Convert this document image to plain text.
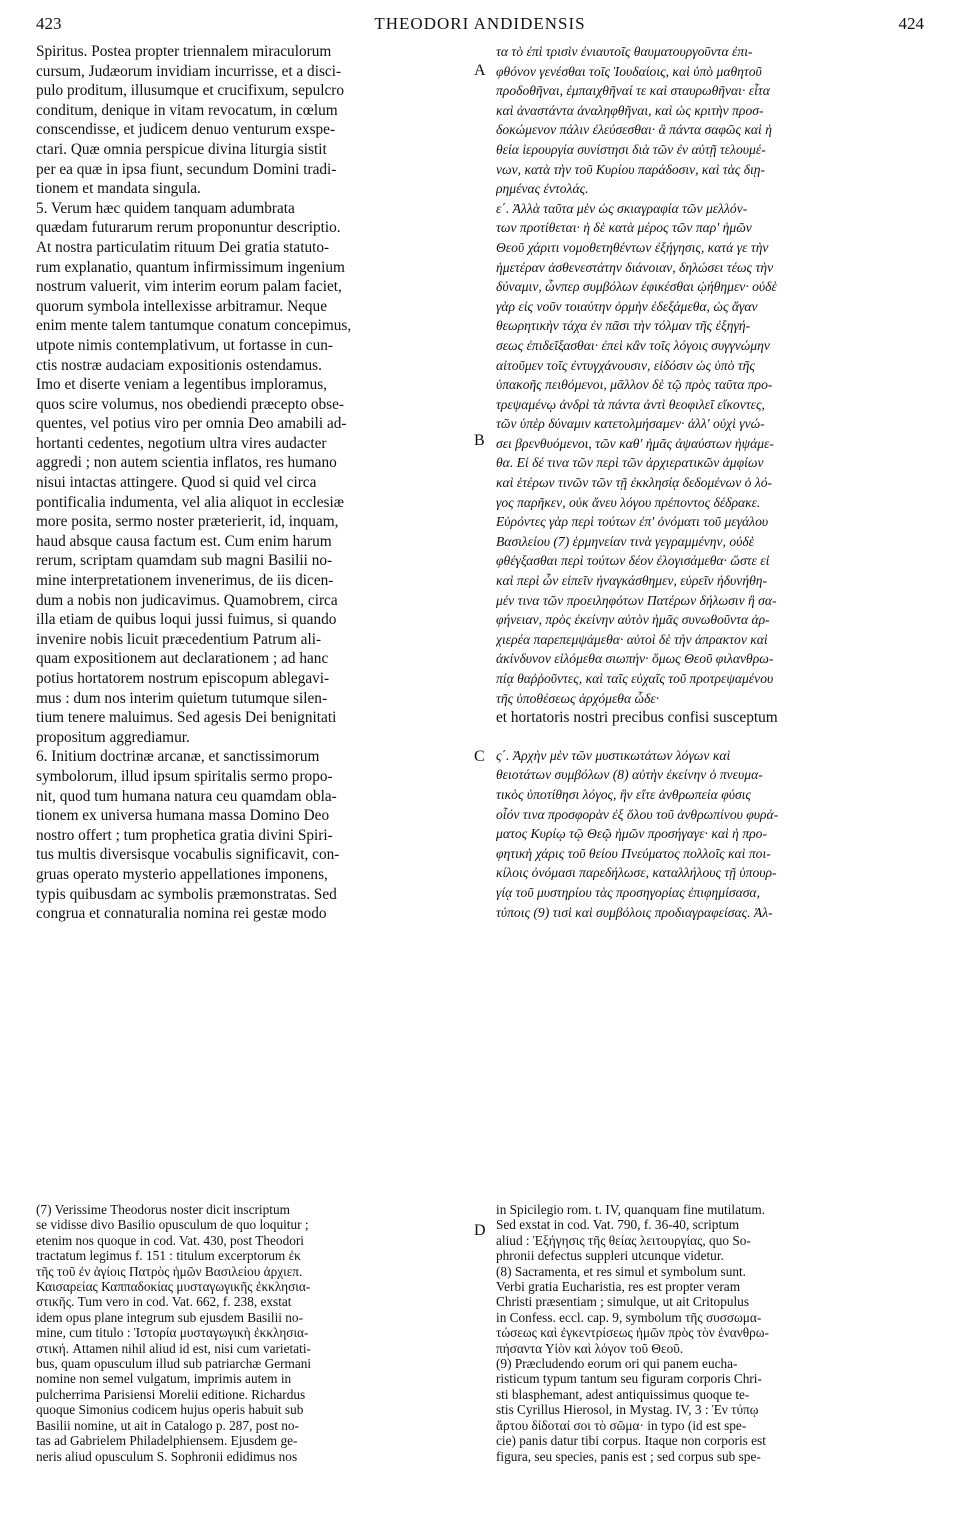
423	THEODORI ANDIDENSIS	424
Spiritus. Postea propter triennalem miraculorum
cursum, Judæorum invidiam incurrisse, et a disci-
pulo proditum, illusumque et crucifixum, sepulcro
conditum, denique in vitam revocatum, in cœlum
conscendisse, et judicem denuo venturum exspe-
ctari. Quæ omnia perspicue divina liturgia sistit
per ea quæ in ipsa fiunt, secundum Domini tradi-
tionem et mandata singula.
5. Verum hæc quidem tanquam adumbrata
quædam futurarum rerum proponuntur descriptio.
At nostra particulatim rituum Dei gratia statuto-
rum explanatio, quantum infirmissimum ingenium
nostrum valuerit, vim interim eorum palam faciet,
quorum symbola intellexisse arbitramur. Neque
enim mente talem tantumque conatum concepimus,
utpote nimis contemplativum, ut fortasse in cun-
ctis nostræ audaciam expositionis ostendamus.
Imo et diserte veniam a legentibus imploramus,
quos scire volumus, nos obediendi præcepto obse-
quentes, vel potius viro per omnia Deo amabili ad-
hortanti cedentes, negotium ultra vires audacter
aggredi ; non autem scientia inflatos, res humano
nisui intactas attingere. Quod si quid vel circa
pontificalia indumenta, vel alia aliquot in ecclesiæ
more posita, sermo noster præterierit, id, inquam,
haud absque causa factum est. Cum enim harum
rerum, scriptam quamdam sub magni Basilii no-
mine interpretationem invenerimus, de iis dicen-
dum a nobis non judicavimus. Quamobrem, circa
illa etiam de quibus loqui jussi fuimus, si quando
invenire nobis licuit præcedentium Patrum ali-
quam expositionem aut declarationem ; ad hanc
potius hortatorem nostrum episcopum ablegavi-
mus : dum nos interim quietum tutumque silen-
tium tenere maluimus. Sed agesis Dei benignitati
propositum aggrediamur.
6. Initium doctrinæ arcanæ, et sanctissimorum
symbolorum, illud ipsum spiritalis sermo propo-
nit, quod tum humana natura ceu quamdam obla-
tionem ex universa humana massa Domino Deo
nostro offert ; tum prophetica gratia divini Spiri-
tus multis diversisque vocabulis significavit, con-
gruas operato mysterio appellationes imponens,
typis quibusdam ac symbolis præmonstratas. Sed
congrua et connaturalia nomina rei gestæ modo
τα τὸ ἐπὶ τρισὶν ἐνιαυτοῖς θαυματουργοῦντα ἐπι-
φθόνον γενέσθαι τοῖς Ἰουδαίοις, καὶ ὑπὸ μαθητοῦ
προδοθῆναι, ἐμπαιχθῆναί τε καὶ σταυρωθῆναι· εἶτα
καὶ ἀναστάντα ἀναληφθῆναι, καὶ ὡς κριτὴν προσ-
δοκώμενον πάλιν ἐλεύσεσθαι· ἃ πάντα σαφῶς καὶ ἡ
θεία ἱερουργία συνίστησι διὰ τῶν ἐν αὐτῇ τελουμέ-
νων, κατὰ τὴν τοῦ Κυρίου παράδοσιν, καὶ τὰς διῃ-
ρημένας ἐντολάς.
ε΄. Ἀλλὰ ταῦτα μὲν ὡς σκιαγραφία τῶν μελλόν-
των προτίθεται· ἡ δὲ κατὰ μέρος τῶν παρ' ἡμῶν
Θεοῦ χάριτι νομοθετηθέντων ἐξήγησις, κατά γε τὴν
ἡμετέραν ἀσθενεστάτην διάνοιαν, δηλώσει τέως τὴν
δύναμιν, ὧνπερ συμβόλων ἐφικέσθαι ᾠήθημεν· οὐδὲ
γὰρ εἰς νοῦν τοιαύτην ὁρμὴν ἐδεξάμεθα, ὡς ἄγαν
θεωρητικὴν τάχα ἐν πᾶσι τὴν τόλμαν τῆς ἐξηγή-
σεως ἐπιδεῖξασθαι· ἐπεὶ κἂν τοῖς λόγοις συγγνώμην
αἰτοῦμεν τοῖς ἐντυγχάνουσιν, εἰδόσιν ὡς ὑπὸ τῆς
ὑπακοῆς πειθόμενοι, μᾶλλον δὲ τῷ πρὸς ταῦτα προ-
τρεψαμένῳ ἀνδρὶ τὰ πάντα ἀντὶ θεοφιλεῖ εἴκοντες,
τῶν ὑπὲρ δύναμιν κατετολμήσαμεν· ἀλλ' οὐχὶ γνώ-
σει βρενθυόμενοι, τῶν καθ' ἡμᾶς ἀψαύστων ἡψάμε-
θα. Εἰ δέ τινα τῶν περὶ τῶν ἀρχιερατικῶν ἀμφίων
καὶ ἑτέρων τινῶν τῶν τῇ ἐκκλησίᾳ δεδομένων ὁ λό-
γος παρῆκεν, οὐκ ἄνευ λόγου πρέποντος δέδρακε.
Εὑρόντες γὰρ περὶ τούτων ἐπ' ὀνόματι τοῦ μεγάλου
Βασιλείου (7) ἑρμηνείαν τινὰ γεγραμμένην, οὐδὲ
φθέγξασθαι περὶ τούτων δέον ἐλογισάμεθα· ὥστε εἰ
καὶ περὶ ὧν εἰπεῖν ἠναγκάσθημεν, εὑρεῖν ἠδυνήθη-
μέν τινα τῶν προειληφότων Πατέρων δήλωσιν ἢ σα-
φήνειαν, πρὸς ἐκείνην αὐτὸν ἡμᾶς συνωθοῦντα ἀρ-
χιερέα παρεπεμψάμεθα· αὐτοὶ δὲ τὴν ἀπρακτον καὶ
ἀκίνδυνον εἱλόμεθα σιωπήν· ὅμως Θεοῦ φιλανθρω-
πίᾳ θαῤῥοῦντες, καὶ ταῖς εὐχαῖς τοῦ προτρεψαμένου
τῆς ὑποθέσεως ἀρχόμεθα ὧδε·
et hortatoris nostri precibus confisi susceptum
ς΄. Ἀρχὴν μὲν τῶν μυστικωτάτων λόγων καὶ
θειοτάτων συμβόλων (8) αὐτὴν ἐκείνην ὁ πνευμα-
τικὸς ὑποτίθησι λόγος, ἣν εἴτε ἀνθρωπεία φύσις
οἷόν τινα προσφορὰν ἐξ ὅλου τοῦ ἀνθρωπίνου φυρά-
ματος Κυρίῳ τῷ Θεῷ ἡμῶν προσήγαγε· καὶ ἡ προ-
φητικὴ χάρις τοῦ θείου Πνεύματος πολλοῖς καὶ ποι-
κίλοις ὀνόμασι παρεδήλωσε, καταλλήλους τῇ ὑπουρ-
γίᾳ τοῦ μυστηρίου τὰς προσηγορίας ἐπιφημίσασα,
τύποις (9) τισὶ καὶ συμβόλοις προδιαγραφείσας. Ἀλ-
A
B
C
D
(7) Verissime Theodorus noster dicit inscriptum
se vidisse divo Basilio opusculum de quo loquitur ;
etenim nos quoque in cod. Vat. 430, post Theodori
tractatum legimus f. 151 : titulum excerptorum ἐκ
τῆς τοῦ ἐν ἁγίοις Πατρὸς ἡμῶν Βασιλείου ἀρχιεπ.
Καισαρείας Καππαδοκίας μυσταγωγικῆς ἐκκλησια-
στικῆς. Tum vero in cod. Vat. 662, f. 238, exstat
idem opus plane integrum sub ejusdem Basilii no-
mine, cum titulo : Ἱστορία μυσταγωγικὴ ἐκκλησια-
στική. Attamen nihil aliud id est, nisi cum varietati-
bus, quam opusculum illud sub patriarchæ Germani
nomine non semel vulgatum, imprimis autem in
pulcherrima Parisiensi Morelii editione. Richardus
quoque Simonius codicem hujus operis habuit sub
Basilii nomine, ut ait in Catalogo p. 287, post no-
tas ad Gabrielem Philadelphiensem. Ejusdem ge-
neris aliud opusculum S. Sophronii edidimus nos
in Spicilegio rom. t. IV, quanquam fine mutilatum.
Sed exstat in cod. Vat. 790, f. 36-40, scriptum
aliud : Ἐξήγησις τῆς θείας λειτουργίας, quo So-
phronii defectus suppleri utcunque videtur.
(8) Sacramenta, et res simul et symbolum sunt.
Verbi gratia Eucharistia, res est propter veram
Christi præsentiam ; simulque, ut ait Critopulus
in Confess. eccl. cap. 9, symbolum τῆς συσσωμα-
τώσεως καὶ ἐγκεντρίσεως ἡμῶν πρὸς τὸν ἐνανθρω-
πήσαντα Υἱὸν καὶ λόγον τοῦ Θεοῦ.
(9) Præcludendo eorum ori qui panem eucha-
risticum typum tantum seu figuram corporis Chri-
sti blasphemant, adest antiquissimus quoque te-
stis Cyrillus Hierosol, in Mystag. IV, 3 : Ἐν τύπῳ
ἄρτου δίδοταί σοι τὸ σῶμα· in typo (id est spe-
cie) panis datur tibi corpus. Itaque non corporis est
figura, seu species, panis est ; sed corpus sub spe-
